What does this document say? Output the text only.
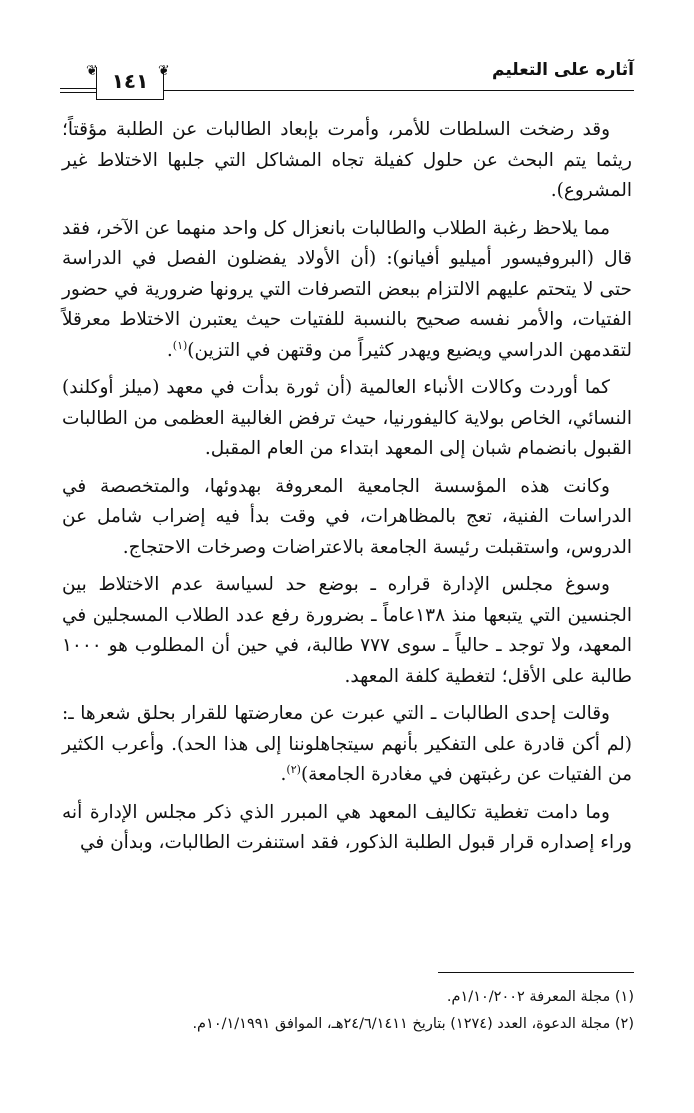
آثاره على التعليم
❦	❦
١٤١

وقد رضخت السلطات للأمر، وأمرت بإبعاد الطالبات عن الطلبة مؤقتاً؛ ريثما يتم البحث عن حلول كفيلة تجاه المشاكل التي جلبها الاختلاط غير المشروع).

مما يلاحظ رغبة الطلاب والطالبات بانعزال كل واحد منهما عن الآخر، فقد قال (البروفيسور أميليو أفيانو): (أن الأولاد يفضلون الفصل في الدراسة حتى لا يتحتم عليهم الالتزام ببعض التصرفات التي يرونها ضرورية في حضور الفتيات، والأمر نفسه صحيح بالنسبة للفتيات حيث يعتبرن الاختلاط معرقلاً لتقدمهن الدراسي ويضيع ويهدر كثيراً من وقتهن في التزين)$^{(١)}$.

كما أوردت وكالات الأنباء العالمية (أن ثورة بدأت في معهد (ميلز أوكلند) النسائي، الخاص بولاية كاليفورنيا، حيث ترفض الغالبية العظمى من الطالبات القبول بانضمام شبان إلى المعهد ابتداء من العام المقبل.

وكانت هذه المؤسسة الجامعية المعروفة بهدوئها، والمتخصصة في الدراسات الفنية، تعج بالمظاهرات، في وقت بدأ فيه إضراب شامل عن الدروس، واستقبلت رئيسة الجامعة بالاعتراضات وصرخات الاحتجاج.

وسوغ مجلس الإدارة قراره ـ بوضع حد لسياسة عدم الاختلاط بين الجنسين التي يتبعها منذ ١٣٨عاماً ـ بضرورة رفع عدد الطلاب المسجلين في المعهد، ولا توجد ـ حالياً ـ سوى ٧٧٧ طالبة، في حين أن المطلوب هو ١٠٠٠ طالبة على الأقل؛ لتغطية كلفة المعهد.

وقالت إحدى الطالبات ـ التي عبرت عن معارضتها للقرار بحلق شعرها ـ: (لم أكن قادرة على التفكير بأنهم سيتجاهلوننا إلى هذا الحد). وأعرب الكثير من الفتيات عن رغبتهن في مغادرة الجامعة)$^{(٢)}$.

وما دامت تغطية تكاليف المعهد هي المبرر الذي ذكر مجلس الإدارة أنه وراء إصداره قرار قبول الطلبة الذكور، فقد استنفرت الطالبات، وبدأن في

(١) مجلة المعرفة ١/١٠/٢٠٠٢م.
(٢) مجلة الدعوة، العدد (١٢٧٤) بتاريخ ٢٤/٦/١٤١١هـ، الموافق ١٠/١/١٩٩١م.
